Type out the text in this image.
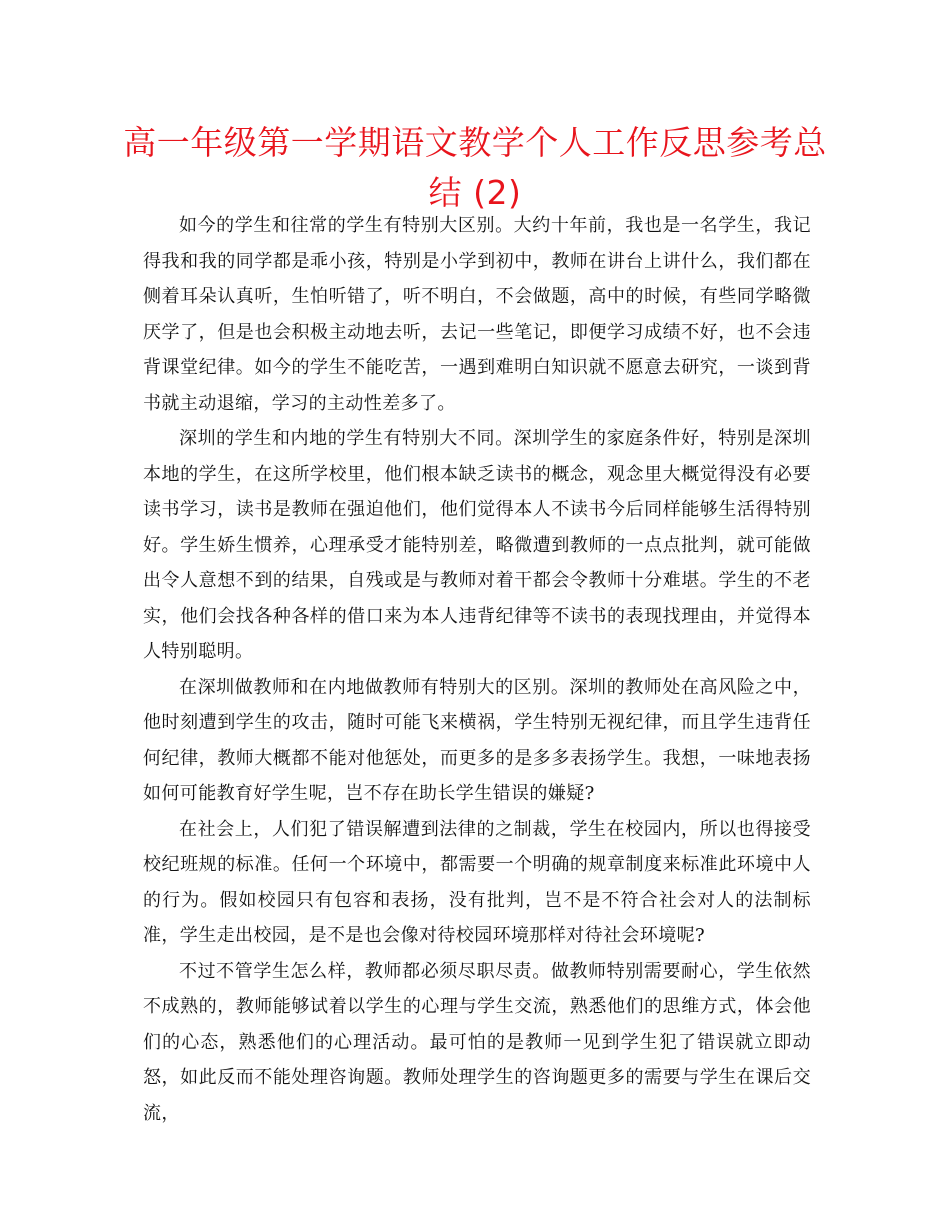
高一年级第一学期语文教学个人工作反思参考总结 (2)

如今的学生和往常的学生有特别大区别。大约十年前，我也是一名学生，我记得我和我的同学都是乖小孩，特别是小学到初中，教师在讲台上讲什么，我们都在侧着耳朵认真听，生怕听错了，听不明白，不会做题，高中的时候，有些同学略微厌学了，但是也会积极主动地去听，去记一些笔记，即便学习成绩不好，也不会违背课堂纪律。如今的学生不能吃苦，一遇到难明白知识就不愿意去研究，一谈到背书就主动退缩，学习的主动性差多了。

深圳的学生和内地的学生有特别大不同。深圳学生的家庭条件好，特别是深圳本地的学生，在这所学校里，他们根本缺乏读书的概念，观念里大概觉得没有必要读书学习，读书是教师在强迫他们，他们觉得本人不读书今后同样能够生活得特别好。学生娇生惯养，心理承受才能特别差，略微遭到教师的一点点批判，就可能做出令人意想不到的结果，自残或是与教师对着干都会令教师十分难堪。学生的不老实，他们会找各种各样的借口来为本人违背纪律等不读书的表现找理由，并觉得本人特别聪明。

在深圳做教师和在内地做教师有特别大的区别。深圳的教师处在高风险之中，他时刻遭到学生的攻击，随时可能飞来横祸，学生特别无视纪律，而且学生违背任何纪律，教师大概都不能对他惩处，而更多的是多多表扬学生。我想，一味地表扬如何可能教育好学生呢，岂不存在助长学生错误的嫌疑?

在社会上，人们犯了错误解遭到法律的之制裁，学生在校园内，所以也得接受校纪班规的标准。任何一个环境中，都需要一个明确的规章制度来标准此环境中人的行为。假如校园只有包容和表扬，没有批判，岂不是不符合社会对人的法制标准，学生走出校园，是不是也会像对待校园环境那样对待社会环境呢?

不过不管学生怎么样，教师都必须尽职尽责。做教师特别需要耐心，学生依然不成熟的，教师能够试着以学生的心理与学生交流，熟悉他们的思维方式，体会他们的心态，熟悉他们的心理活动。最可怕的是教师一见到学生犯了错误就立即动怒，如此反而不能处理咨询题。教师处理学生的咨询题更多的需要与学生在课后交流，
